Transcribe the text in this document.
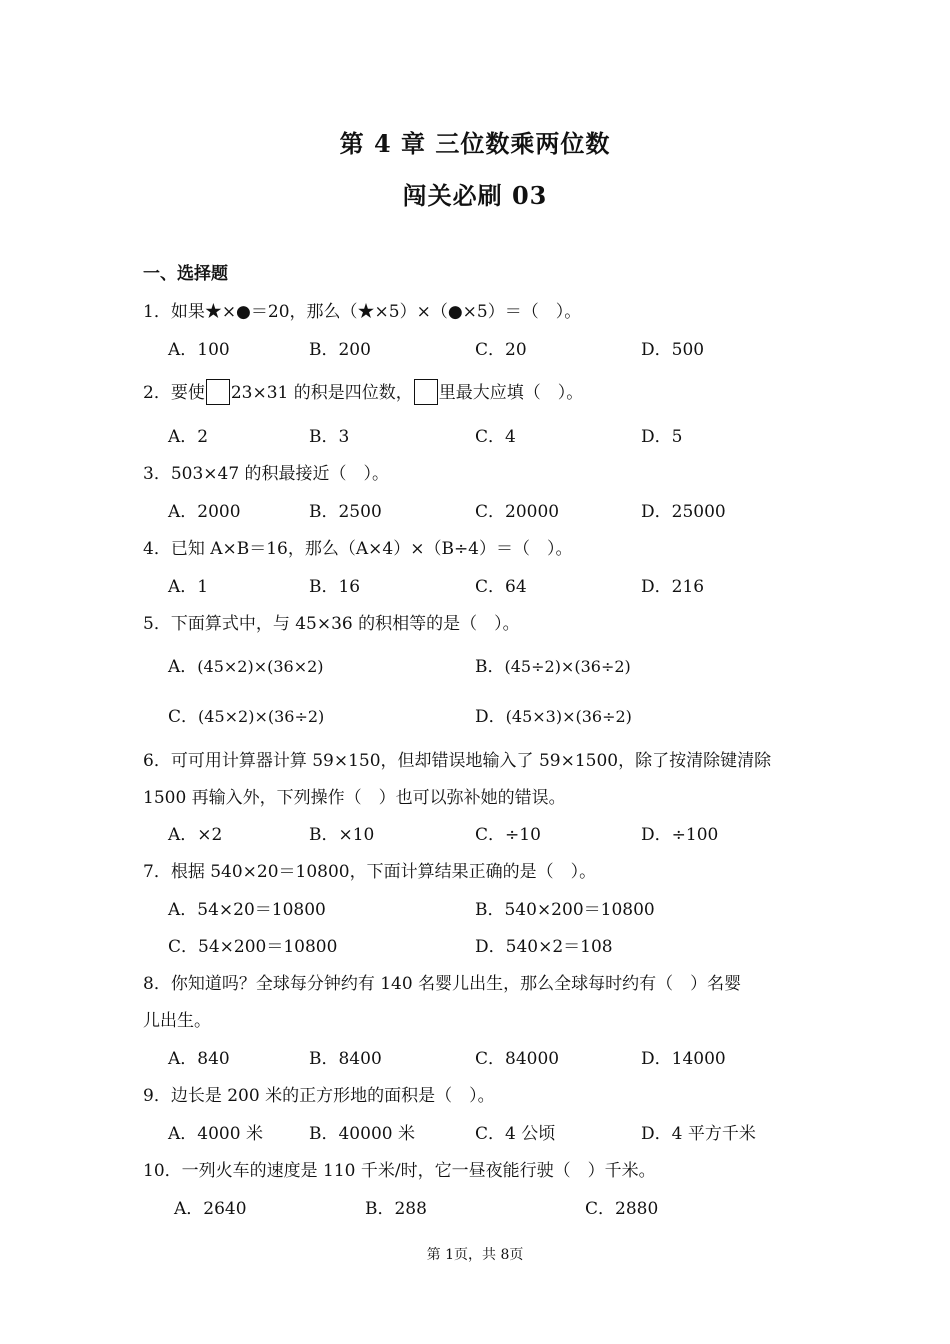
第 4 章 三位数乘两位数
闯关必刷 03
一、选择题
1．如果★×●＝20，那么（★×5）×（●×5）＝（　）。
A．100	B．200	C．20	D．500
2．要使 23×31 的积是四位数， 里最大应填（　）。
A．2	B．3	C．4	D．5
3．503×47 的积最接近（　）。
A．2000	B．2500	C．20000	D．25000
4．已知 A×B＝16，那么（A×4）×（B÷4）＝（　）。
A．1	B．16	C．64	D．216
5．下面算式中，与 45×36 的积相等的是（　）。
A．(45×2)×(36×2)	B．(45÷2)×(36÷2)
C．(45×2)×(36÷2)	D．(45×3)×(36÷2)
6．可可用计算器计算 59×150，但却错误地输入了 59×1500，除了按清除键清除
1500 再输入外，下列操作（　）也可以弥补她的错误。
A．×2	B．×10	C．÷10	D．÷100
7．根据 540×20＝10800，下面计算结果正确的是（　）。
A．54×20＝10800	B．540×200＝10800
C．54×200＝10800	D．540×2＝108
8．你知道吗？全球每分钟约有 140 名婴儿出生，那么全球每时约有（　）名婴
儿出生。
A．840	B．8400	C．84000	D．14000
9．边长是 200 米的正方形地的面积是（　）。
A．4000 米	B．40000 米	C．4 公顷	D．4 平方千米
10．一列火车的速度是 110 千米/时，它一昼夜能行驶（　）千米。
A．2640	B．288	C．2880
第 1页，共 8页
